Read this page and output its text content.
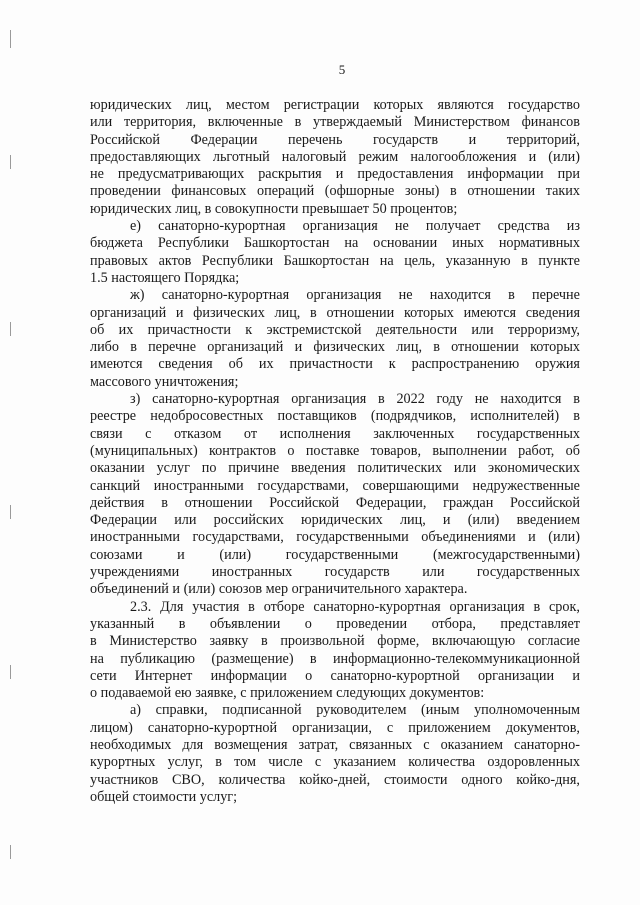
5
юридических лиц, местом регистрации которых являются государство
или территория, включенные в утверждаемый Министерством финансов
Российской Федерации перечень государств и территорий,
предоставляющих льготный налоговый режим налогообложения и (или)
не предусматривающих раскрытия и предоставления информации при
проведении финансовых операций (офшорные зоны) в отношении таких
юридических лиц, в совокупности превышает 50 процентов;
е) санаторно-курортная организация не получает средства из
бюджета Республики Башкортостан на основании иных нормативных
правовых актов Республики Башкортостан на цель, указанную в пункте
1.5 настоящего Порядка;
ж) санаторно-курортная организация не находится в перечне
организаций и физических лиц, в отношении которых имеются сведения
об их причастности к экстремистской деятельности или терроризму,
либо в перечне организаций и физических лиц, в отношении которых
имеются сведения об их причастности к распространению оружия
массового уничтожения;
з) санаторно-курортная организация в 2022 году не находится в
реестре недобросовестных поставщиков (подрядчиков, исполнителей) в
связи с отказом от исполнения заключенных государственных
(муниципальных) контрактов о поставке товаров, выполнении работ, об
оказании услуг по причине введения политических или экономических
санкций иностранными государствами, совершающими недружественные
действия в отношении Российской Федерации, граждан Российской
Федерации или российских юридических лиц, и (или) введением
иностранными государствами, государственными объединениями и (или)
союзами и (или) государственными (межгосударственными)
учреждениями иностранных государств или государственных
объединений и (или) союзов мер ограничительного характера.
2.3. Для участия в отборе санаторно-курортная организация в срок,
указанный в объявлении о проведении отбора, представляет
в Министерство заявку в произвольной форме, включающую согласие
на публикацию (размещение) в информационно-телекоммуникационной
сети Интернет информации о санаторно-курортной организации и
о подаваемой ею заявке, с приложением следующих документов:
а) справки, подписанной руководителем (иным уполномоченным
лицом) санаторно-курортной организации, с приложением документов,
необходимых для возмещения затрат, связанных с оказанием санаторно-
курортных услуг, в том числе с указанием количества оздоровленных
участников СВО, количества койко-дней, стоимости одного койко-дня,
общей стоимости услуг;
